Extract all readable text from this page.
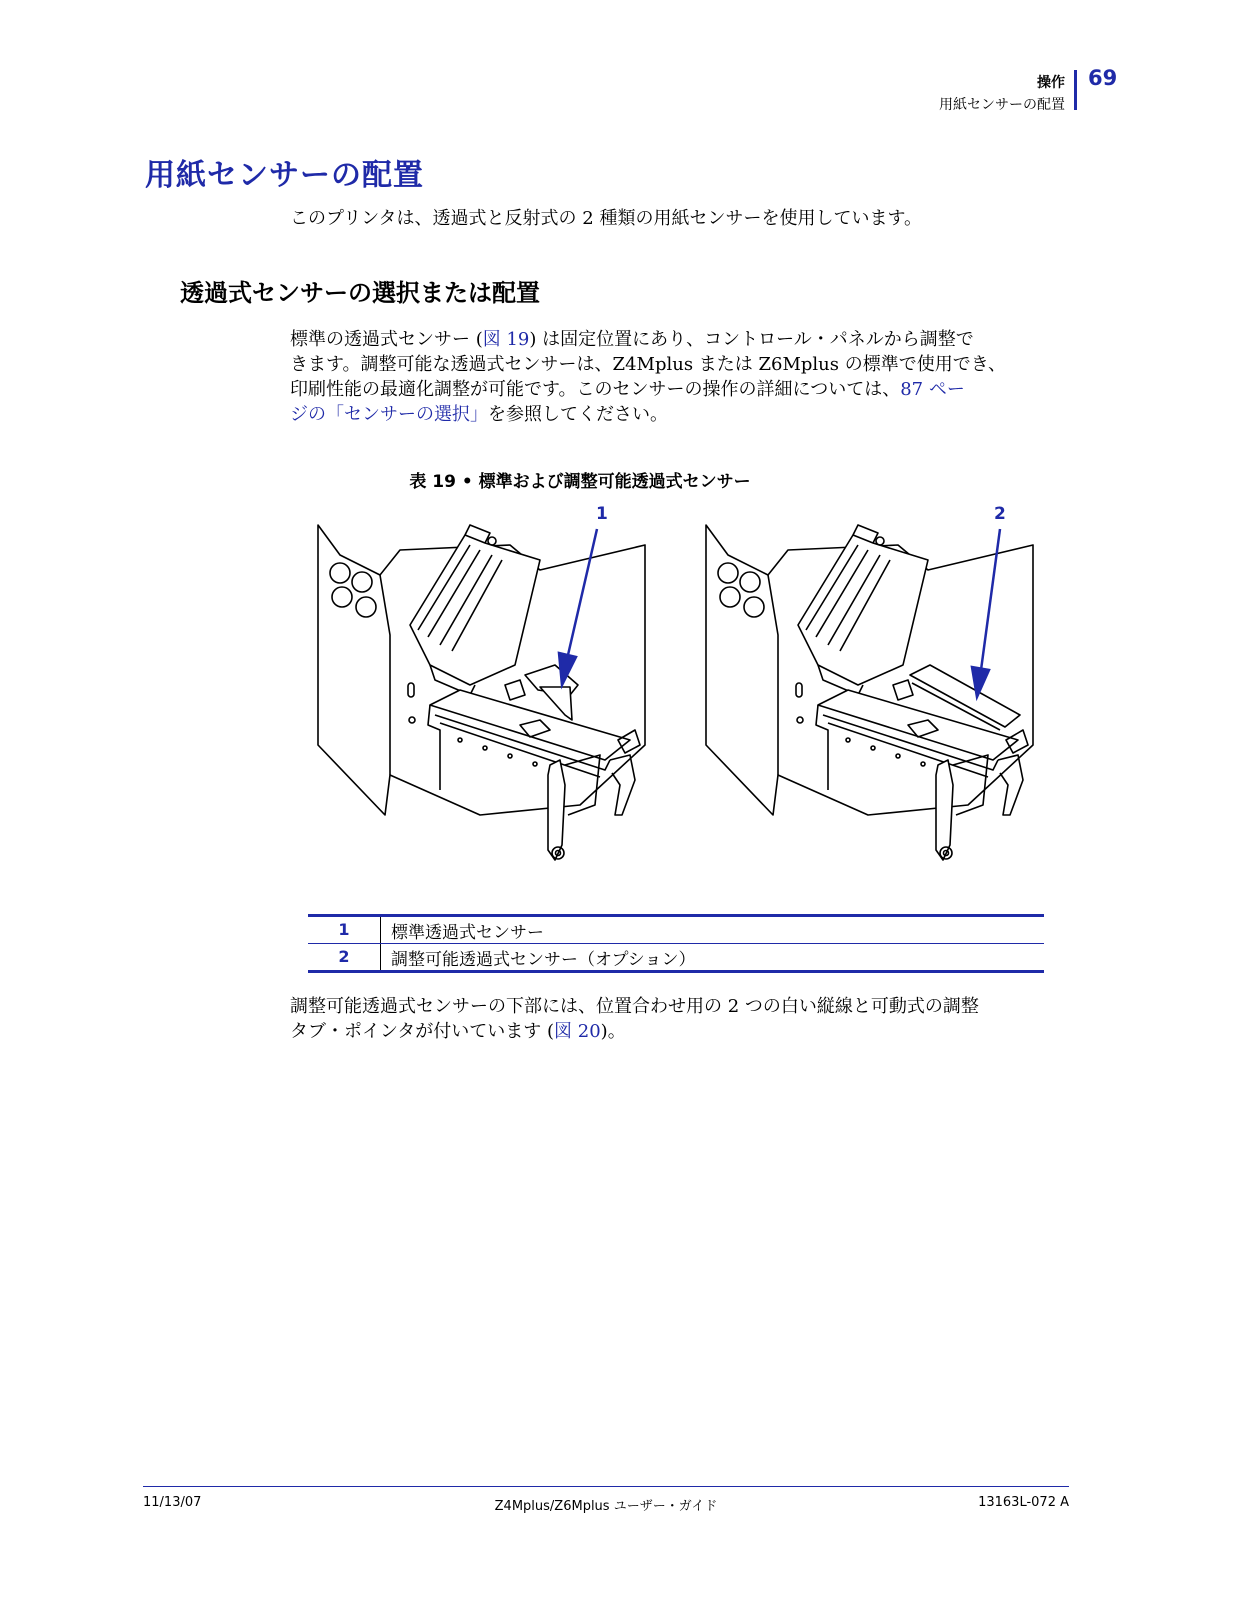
操作
用紙センサーの配置
69
用紙センサーの配置
このプリンタは、透過式と反射式の 2 種類の用紙センサーを使用しています。
透過式センサーの選択または配置
標準の透過式センサー (図 19) は固定位置にあり、コントロール・パネルから調整で
きます。調整可能な透過式センサーは、Z4Mplus または Z6Mplus の標準で使用でき、
印刷性能の最適化調整が可能です。このセンサーの操作の詳細については、87 ペー
ジの「センサーの選択」を参照してください。
表 19 • 標準および調整可能透過式センサー
1	2
1	標準透過式センサー
2	調整可能透過式センサー（オプション）
調整可能透過式センサーの下部には、位置合わせ用の 2 つの白い縦線と可動式の調整
タブ・ポインタが付いています (図 20)。
11/13/07	Z4Mplus/Z6Mplus ユーザー・ガイド	13163L-072 A
